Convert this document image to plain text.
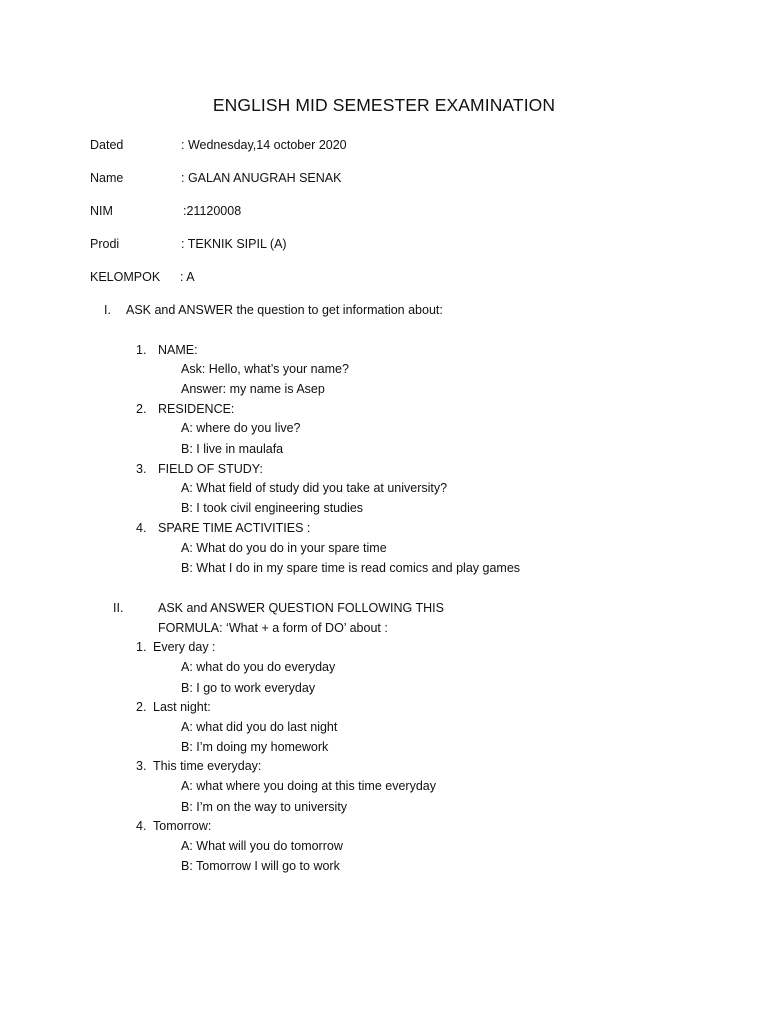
ENGLISH MID SEMESTER EXAMINATION
Dated	: Wednesday,14 october 2020
Name	: GALAN ANUGRAH SENAK
NIM	:21120008
Prodi	: TEKNIK SIPIL (A)
KELOMPOK : A
I. ASK and ANSWER the question to get information about:
1. NAME:
Ask: Hello, what’s your name?
Answer: my name is Asep
2. RESIDENCE:
A: where do you live?
B: I live in maulafa
3. FIELD OF STUDY:
A: What field of study did you take at university?
B: I took civil engineering studies
4. SPARE TIME ACTIVITIES :
A: What do you do in your spare time
B: What I do in my spare time is read comics and play games
II.	ASK and ANSWER QUESTION FOLLOWING THIS
FORMULA: ‘What + a form of DO’ about :
1. Every day :
A: what do you do everyday
B: I go to work everyday
2. Last night:
A: what did you do last night
B: I’m doing my homework
3. This time everyday:
A: what where you doing at this time everyday
B: I’m on the way to university
4. Tomorrow:
A: What will you do tomorrow
B: Tomorrow I will go to work
